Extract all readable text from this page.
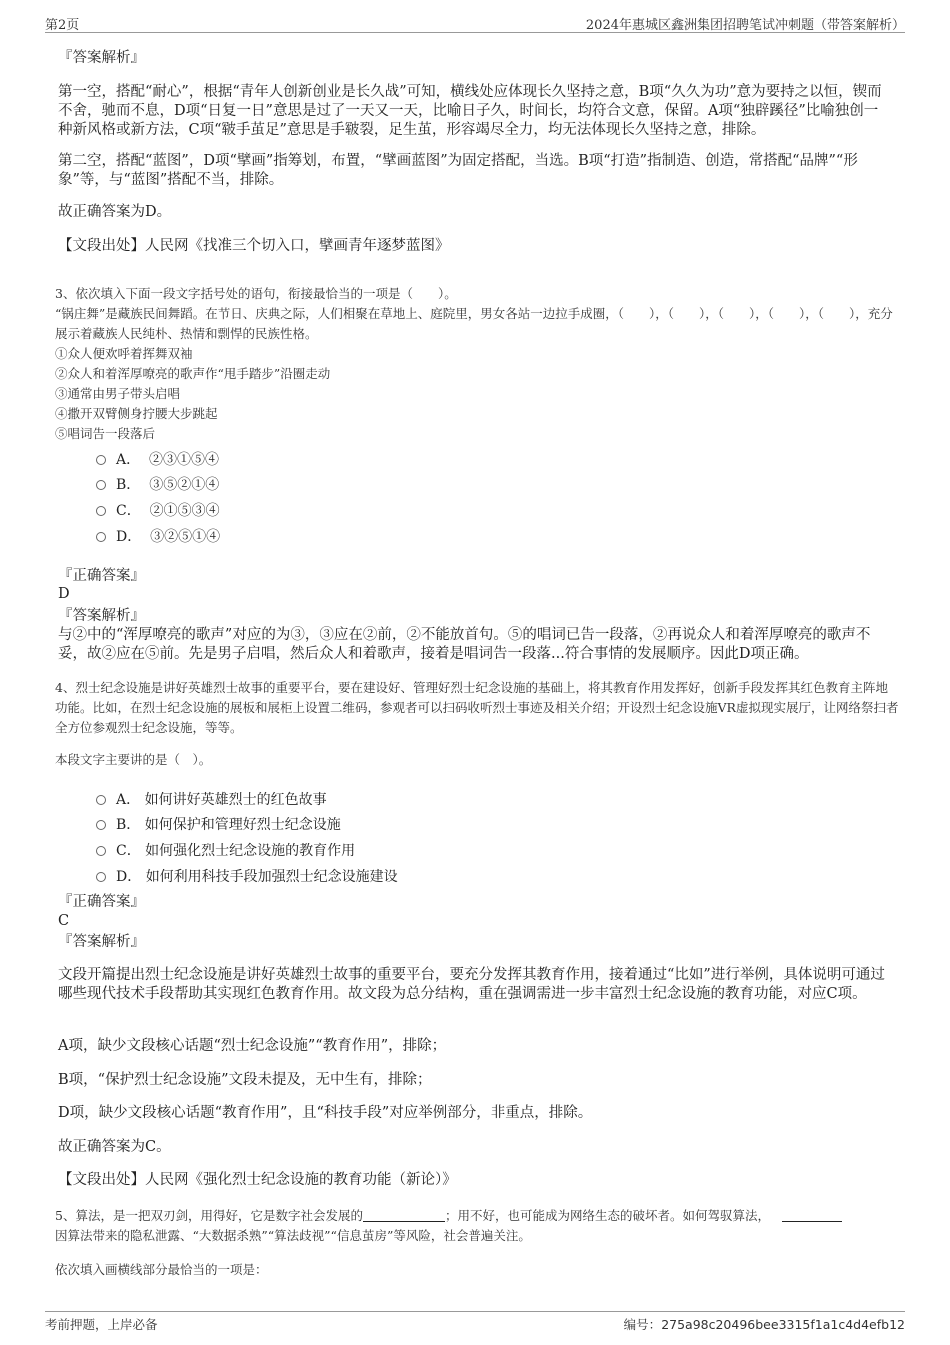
第2页	2024年惠城区鑫洲集团招聘笔试冲刺题（带答案解析）
『答案解析』
第一空，搭配“耐心”，根据“青年人创新创业是长久战”可知，横线处应体现长久坚持之意，B项“久久为功”意为要持之以恒，锲而不舍，驰而不息，D项“日复一日”意思是过了一天又一天，比喻日子久，时间长，均符合文意，保留。A项“独辟蹊径”比喻独创一种新风格或新方法，C项“皲手茧足”意思是手皲裂，足生茧，形容竭尽全力，均无法体现长久坚持之意，排除。
第二空，搭配“蓝图”，D项“擘画”指筹划，布置，“擘画蓝图”为固定搭配，当选。B项“打造”指制造、创造，常搭配“品牌”“形象”等，与“蓝图”搭配不当，排除。
故正确答案为D。
【文段出处】人民网《找准三个切入口，擘画青年逐梦蓝图》
3、依次填入下面一段文字括号处的语句，衔接最恰当的一项是（　　）。
“锅庄舞”是藏族民间舞蹈。在节日、庆典之际，人们相聚在草地上、庭院里，男女各站一边拉手成圈，（　　），（　　），（　　），（　　），（　　），充分展示着藏族人民纯朴、热情和剽悍的民族性格。
①众人便欢呼着挥舞双袖
②众人和着浑厚嘹亮的歌声作“甩手踏步”沿圈走动
③通常由男子带头启唱
④撒开双臂侧身拧腰大步跳起
⑤唱词告一段落后
A． ②③①⑤④
B． ③⑤②①④
C． ②①⑤③④
D． ③②⑤①④
『正确答案』
D
『答案解析』
与②中的“浑厚嘹亮的歌声”对应的为③，③应在②前，②不能放首句。⑤的唱词已告一段落，②再说众人和着浑厚嘹亮的歌声不妥，故②应在⑤前。先是男子启唱，然后众人和着歌声，接着是唱词告一段落...符合事情的发展顺序。因此D项正确。
4、烈士纪念设施是讲好英雄烈士故事的重要平台，要在建设好、管理好烈士纪念设施的基础上，将其教育作用发挥好，创新手段发挥其红色教育主阵地功能。比如，在烈士纪念设施的展板和展柜上设置二维码，参观者可以扫码收听烈士事迹及相关介绍；开设烈士纪念设施VR虚拟现实展厅，让网络祭扫者全方位参观烈士纪念设施，等等。
本段文字主要讲的是（　）。
A． 如何讲好英雄烈士的红色故事
B． 如何保护和管理好烈士纪念设施
C． 如何强化烈士纪念设施的教育作用
D． 如何利用科技手段加强烈士纪念设施建设
『正确答案』
C
『答案解析』
文段开篇提出烈士纪念设施是讲好英雄烈士故事的重要平台，要充分发挥其教育作用，接着通过“比如”进行举例，具体说明可通过哪些现代技术手段帮助其实现红色教育作用。故文段为总分结构，重在强调需进一步丰富烈士纪念设施的教育功能，对应C项。
A项，缺少文段核心话题“烈士纪念设施”“教育作用”，排除；
B项，“保护烈士纪念设施”文段未提及，无中生有，排除；
D项，缺少文段核心话题“教育作用”，且“科技手段”对应举例部分，非重点，排除。
故正确答案为C。
【文段出处】人民网《强化烈士纪念设施的教育功能（新论）》
5、算法，是一把双刃剑，用得好，它是数字社会发展的	；用不好，也可能成为网络生态的破坏者。如何驾驭算法，
因算法带来的隐私泄露、“大数据杀熟”“算法歧视”“信息茧房”等风险，社会普遍关注。
依次填入画横线部分最恰当的一项是：
考前押题，上岸必备	编号：275a98c20496bee3315f1a1c4d4efb12
